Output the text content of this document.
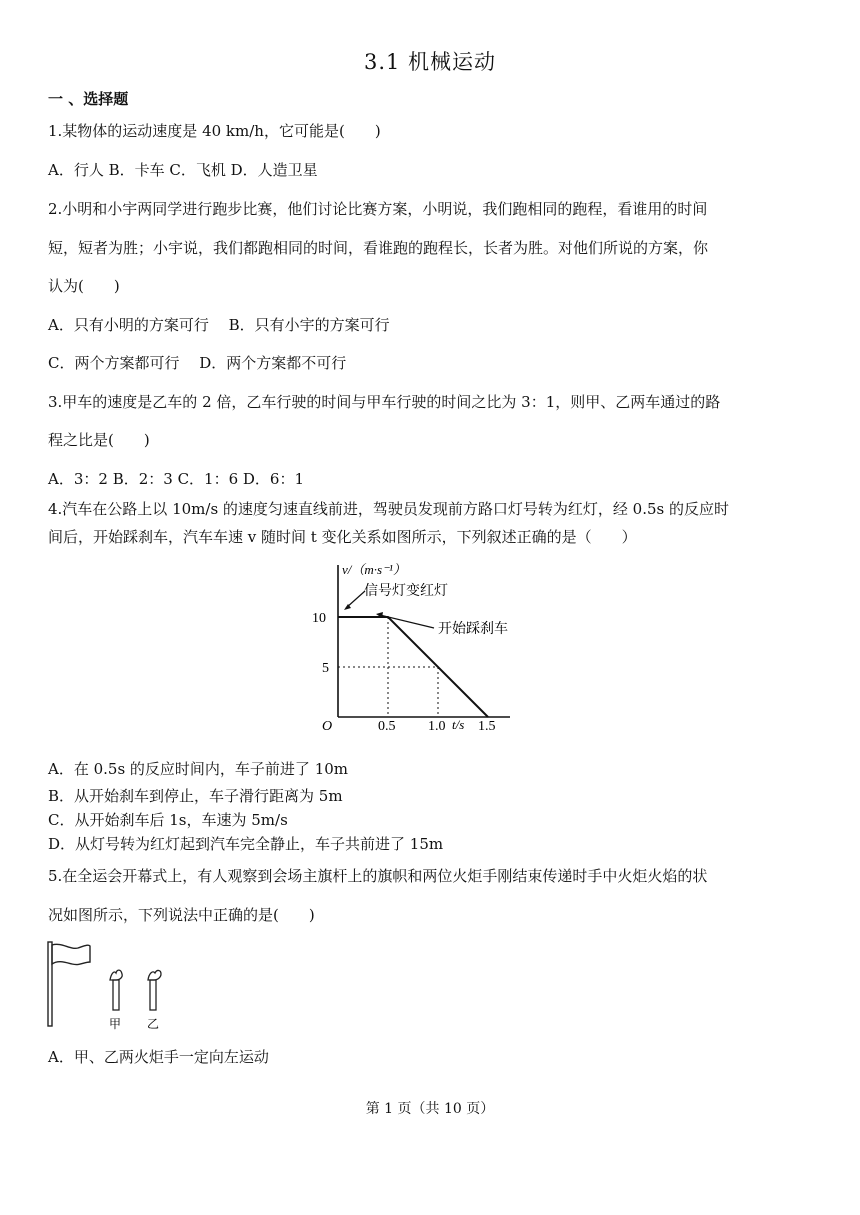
3.1 机械运动
一 、选择题
1.某物体的运动速度是 40 km/h，它可能是(　　)
A．行人 B．卡车 C．飞机 D．人造卫星
2.小明和小宇两同学进行跑步比赛，他们讨论比赛方案，小明说，我们跑相同的跑程，看谁用的时间
短，短者为胜；小宇说，我们都跑相同的时间，看谁跑的跑程长，长者为胜。对他们所说的方案，你
认为(　　)
A．只有小明的方案可行　 B．只有小宇的方案可行
C．两个方案都可行　 D．两个方案都不可行
3.甲车的速度是乙车的 2 倍，乙车行驶的时间与甲车行驶的时间之比为 3：1，则甲、乙两车通过的路
程之比是(　　)
A．3：2 B．2：3 C．1：6 D．6：1
4.汽车在公路上以 10m/s 的速度匀速直线前进，驾驶员发现前方路口灯号转为红灯，经 0.5s 的反应时
间后，开始踩刹车，汽车车速 v 随时间 t 变化关系如图所示，下列叙述正确的是（　　）
v/（m·s⁻¹）
t/s
O
信号灯变红灯
开始踩刹车
0.5 1.0 1.5
5
10
A．在 0.5s 的反应时间内，车子前进了 10m
B．从开始刹车到停止，车子滑行距离为 5m
C．从开始刹车后 1s，车速为 5m/s
D．从灯号转为红灯起到汽车完全静止，车子共前进了 15m
5.在全运会开幕式上，有人观察到会场主旗杆上的旗帜和两位火炬手刚结束传递时手中火炬火焰的状
况如图所示，下列说法中正确的是(　　)
甲 乙
A．甲、乙两火炬手一定向左运动
第 1 页（共 10 页）
